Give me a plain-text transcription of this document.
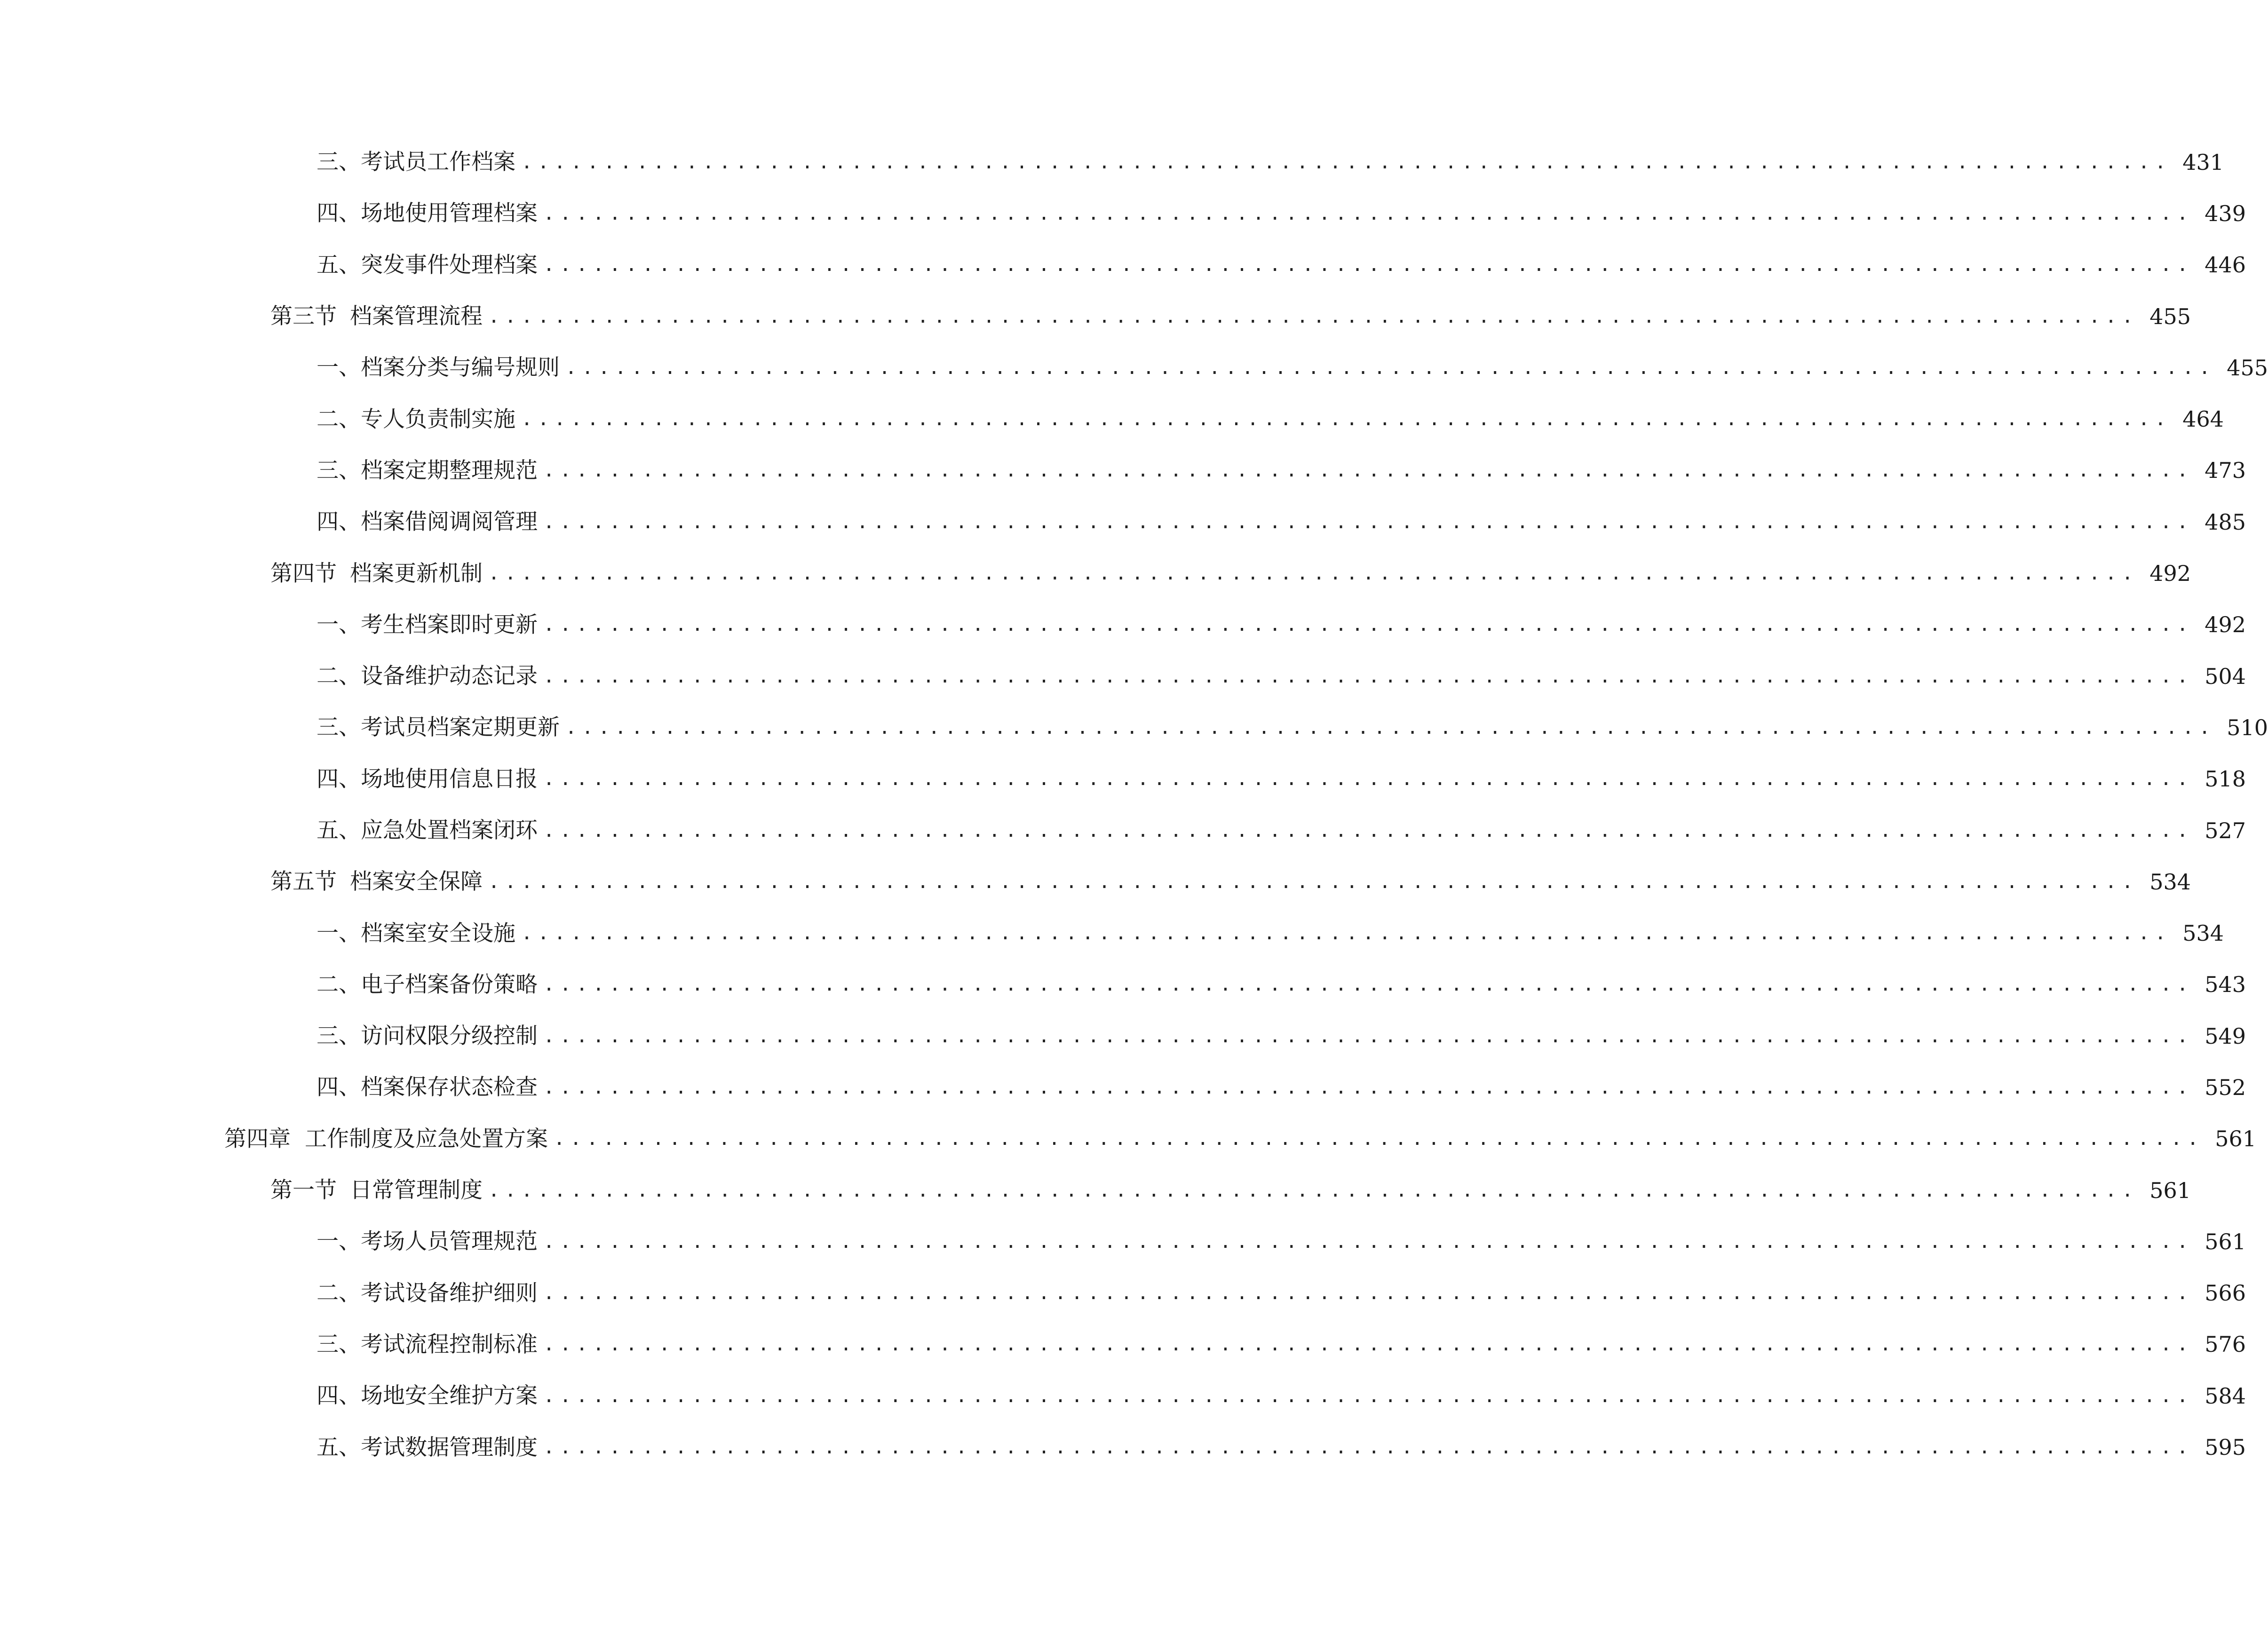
三、 考试员工作档案 .................................................................................................... 431
四、 场地使用管理档案 .................................................................................................... 439
五、 突发事件处理档案 .................................................................................................... 446
第三节 档案管理流程 .................................................................................................... 455
一、 档案分类与编号规则 .................................................................................................... 455
二、 专人负责制实施 .................................................................................................... 464
三、 档案定期整理规范 .................................................................................................... 473
四、 档案借阅调阅管理 .................................................................................................... 485
第四节 档案更新机制 .................................................................................................... 492
一、 考生档案即时更新 .................................................................................................... 492
二、 设备维护动态记录 .................................................................................................... 504
三、 考试员档案定期更新 .................................................................................................... 510
四、 场地使用信息日报 .................................................................................................... 518
五、 应急处置档案闭环 .................................................................................................... 527
第五节 档案安全保障 .................................................................................................... 534
一、 档案室安全设施 .................................................................................................... 534
二、 电子档案备份策略 .................................................................................................... 543
三、 访问权限分级控制 .................................................................................................... 549
四、 档案保存状态检查 .................................................................................................... 552
第四章 工作制度及应急处置方案 .................................................................................................... 561
第一节 日常管理制度 .................................................................................................... 561
一、 考场人员管理规范 .................................................................................................... 561
二、 考试设备维护细则 .................................................................................................... 566
三、 考试流程控制标准 .................................................................................................... 576
四、 场地安全维护方案 .................................................................................................... 584
五、 考试数据管理制度 .................................................................................................... 595
